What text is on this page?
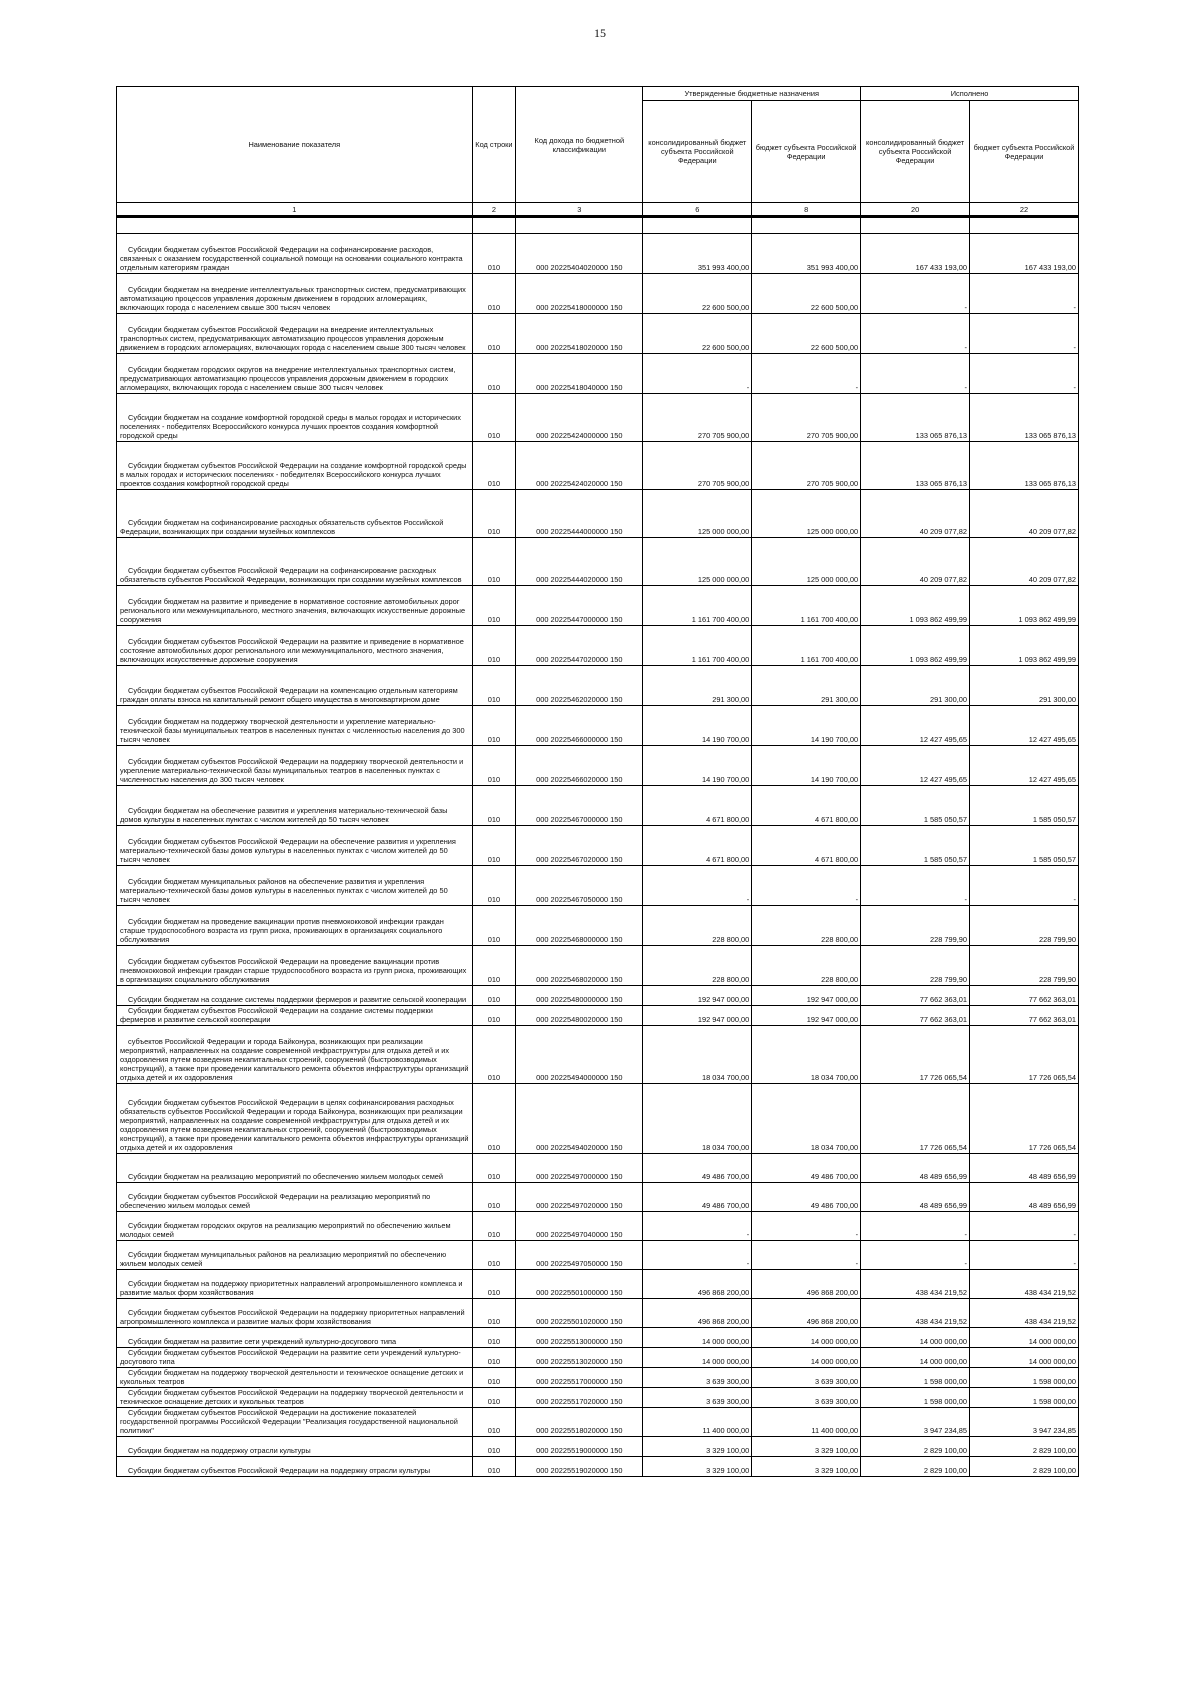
15
Наименование показателя	Код строки	Код дохода по бюджетной классификации	Утвержденные бюджетные назначения		Исполнено	
			консолидированный бюджет субъекта Российской Федерации	бюджет субъекта Российской Федерации	консолидированный бюджет субъекта Российской Федерации	бюджет субъекта Российской Федерации
1	2	3	6	8	20	22

Субсидии бюджетам субъектов Российской Федерации на софинансирование расходов, связанных с оказанием государственной социальной помощи на основании социального контракта отдельным категориям граждан	010	000 20225404020000 150	351 993 400,00	351 993 400,00	167 433 193,00	167 433 193,00

Субсидии бюджетам на внедрение интеллектуальных транспортных систем, предусматривающих автоматизацию процессов управления дорожным движением в городских агломерациях, включающих города с населением свыше 300 тысяч человек	010	000 20225418000000 150	22 600 500,00	22 600 500,00	-	-

Субсидии бюджетам субъектов Российской Федерации на внедрение интеллектуальных транспортных систем, предусматривающих автоматизацию процессов управления дорожным движением в городских агломерациях, включающих города с населением свыше 300 тысяч человек	010	000 20225418020000 150	22 600 500,00	22 600 500,00	-	-

Субсидии бюджетам городских округов на внедрение интеллектуальных транспортных систем, предусматривающих автоматизацию процессов управления дорожным движением в городских агломерациях, включающих города с населением свыше 300 тысяч человек	010	000 20225418040000 150	-	-	-	-

Субсидии бюджетам на создание комфортной городской среды в малых городах и исторических поселениях - победителях Всероссийского конкурса лучших проектов создания комфортной городской среды	010	000 20225424000000 150	270 705 900,00	270 705 900,00	133 065 876,13	133 065 876,13

Субсидии бюджетам субъектов Российской Федерации на создание комфортной городской среды в малых городах и исторических поселениях - победителях Всероссийского конкурса лучших проектов создания комфортной городской среды	010	000 20225424020000 150	270 705 900,00	270 705 900,00	133 065 876,13	133 065 876,13

Субсидии бюджетам на софинансирование расходных обязательств субъектов Российской Федерации, возникающих при создании музейных комплексов	010	000 20225444000000 150	125 000 000,00	125 000 000,00	40 209 077,82	40 209 077,82

Субсидии бюджетам субъектов Российской Федерации на софинансирование расходных обязательств субъектов Российской Федерации, возникающих при создании музейных комплексов	010	000 20225444020000 150	125 000 000,00	125 000 000,00	40 209 077,82	40 209 077,82

Субсидии бюджетам на развитие и приведение в нормативное состояние автомобильных дорог регионального или межмуниципального, местного значения, включающих искусственные дорожные сооружения	010	000 20225447000000 150	1 161 700 400,00	1 161 700 400,00	1 093 862 499,99	1 093 862 499,99

Субсидии бюджетам субъектов Российской Федерации на развитие и приведение в нормативное состояние автомобильных дорог регионального или межмуниципального, местного значения, включающих искусственные дорожные сооружения	010	000 20225447020000 150	1 161 700 400,00	1 161 700 400,00	1 093 862 499,99	1 093 862 499,99

Субсидии бюджетам субъектов Российской Федерации на компенсацию отдельным категориям граждан оплаты взноса на капитальный ремонт общего имущества в многоквартирном доме	010	000 20225462020000 150	291 300,00	291 300,00	291 300,00	291 300,00

Субсидии бюджетам на поддержку творческой деятельности и укрепление материально-технической базы муниципальных театров в населенных пунктах с численностью населения до 300 тысяч человек	010	000 20225466000000 150	14 190 700,00	14 190 700,00	12 427 495,65	12 427 495,65

Субсидии бюджетам субъектов Российской Федерации на поддержку творческой деятельности и укрепление материально-технической базы муниципальных театров в населенных пунктах с численностью населения до 300 тысяч человек	010	000 20225466020000 150	14 190 700,00	14 190 700,00	12 427 495,65	12 427 495,65

Субсидии бюджетам на обеспечение развития и укрепления материально-технической базы домов культуры в населенных пунктах с числом жителей до 50 тысяч человек	010	000 20225467000000 150	4 671 800,00	4 671 800,00	1 585 050,57	1 585 050,57

Субсидии бюджетам субъектов Российской Федерации на обеспечение развития и укрепления материально-технической базы домов культуры в населенных пунктах с числом жителей до 50 тысяч человек	010	000 20225467020000 150	4 671 800,00	4 671 800,00	1 585 050,57	1 585 050,57

Субсидии бюджетам муниципальных районов на обеспечение развития и укрепления материально-технической базы домов культуры в населенных пунктах с числом жителей до 50 тысяч человек	010	000 20225467050000 150	-	-	-	-

Субсидии бюджетам на проведение вакцинации против пневмококковой инфекции граждан старше трудоспособного возраста из групп риска, проживающих в организациях социального обслуживания	010	000 20225468000000 150	228 800,00	228 800,00	228 799,90	228 799,90

Субсидии бюджетам субъектов Российской Федерации на проведение вакцинации против пневмококковой инфекции граждан старше трудоспособного возраста из групп риска, проживающих в организациях социального обслуживания	010	000 20225468020000 150	228 800,00	228 800,00	228 799,90	228 799,90

Субсидии бюджетам на создание системы поддержки фермеров и развитие сельской кооперации	010	000 20225480000000 150	192 947 000,00	192 947 000,00	77 662 363,01	77 662 363,01

Субсидии бюджетам субъектов Российской Федерации на создание системы поддержки фермеров и развитие сельской кооперации	010	000 20225480020000 150	192 947 000,00	192 947 000,00	77 662 363,01	77 662 363,01

субъектов Российской Федерации и города Байконура, возникающих при реализации мероприятий, направленных на создание современной инфраструктуры для отдыха детей и их оздоровления путем возведения некапитальных строений, сооружений (быстровозводимых конструкций), а также при проведении капитального ремонта объектов инфраструктуры организаций отдыха детей и их оздоровления	010	000 20225494000000 150	18 034 700,00	18 034 700,00	17 726 065,54	17 726 065,54

Субсидии бюджетам субъектов Российской Федерации в целях софинансирования расходных обязательств субъектов Российской Федерации и города Байконура, возникающих при реализации мероприятий, направленных на создание современной инфраструктуры для отдыха детей и их оздоровления путем возведения некапитальных строений, сооружений (быстровозводимых конструкций), а также при проведении капитального ремонта объектов инфраструктуры организаций отдыха детей и их оздоровления	010	000 20225494020000 150	18 034 700,00	18 034 700,00	17 726 065,54	17 726 065,54

Субсидии бюджетам на реализацию мероприятий по обеспечению жильем молодых семей	010	000 20225497000000 150	49 486 700,00	49 486 700,00	48 489 656,99	48 489 656,99

Субсидии бюджетам субъектов Российской Федерации на реализацию мероприятий по обеспечению жильем молодых семей	010	000 20225497020000 150	49 486 700,00	49 486 700,00	48 489 656,99	48 489 656,99

Субсидии бюджетам городских округов на реализацию мероприятий по обеспечению жильем молодых семей	010	000 20225497040000 150	-	-	-	-

Субсидии бюджетам муниципальных районов на реализацию мероприятий по обеспечению жильем молодых семей	010	000 20225497050000 150	-	-	-	-

Субсидии бюджетам на поддержку приоритетных направлений агропромышленного комплекса и развитие малых форм хозяйствования	010	000 20225501000000 150	496 868 200,00	496 868 200,00	438 434 219,52	438 434 219,52

Субсидии бюджетам субъектов Российской Федерации на поддержку приоритетных направлений агропромышленного комплекса и развитие малых форм хозяйствования	010	000 20225501020000 150	496 868 200,00	496 868 200,00	438 434 219,52	438 434 219,52

Субсидии бюджетам на развитие сети учреждений культурно-досугового типа	010	000 20225513000000 150	14 000 000,00	14 000 000,00	14 000 000,00	14 000 000,00

Субсидии бюджетам субъектов Российской Федерации на развитие сети учреждений культурно-досугового типа	010	000 20225513020000 150	14 000 000,00	14 000 000,00	14 000 000,00	14 000 000,00

Субсидии бюджетам на поддержку творческой деятельности и техническое оснащение детских и кукольных театров	010	000 20225517000000 150	3 639 300,00	3 639 300,00	1 598 000,00	1 598 000,00

Субсидии бюджетам субъектов Российской Федерации на поддержку творческой деятельности и техническое оснащение детских и кукольных театров	010	000 20225517020000 150	3 639 300,00	3 639 300,00	1 598 000,00	1 598 000,00

Субсидии бюджетам субъектов Российской Федерации на достижение показателей государственной программы Российской Федерации "Реализация государственной национальной политики"	010	000 20225518020000 150	11 400 000,00	11 400 000,00	3 947 234,85	3 947 234,85

Субсидии бюджетам на поддержку отрасли культуры	010	000 20225519000000 150	3 329 100,00	3 329 100,00	2 829 100,00	2 829 100,00

Субсидии бюджетам субъектов Российской Федерации на поддержку отрасли культуры	010	000 20225519020000 150	3 329 100,00	3 329 100,00	2 829 100,00	2 829 100,00
